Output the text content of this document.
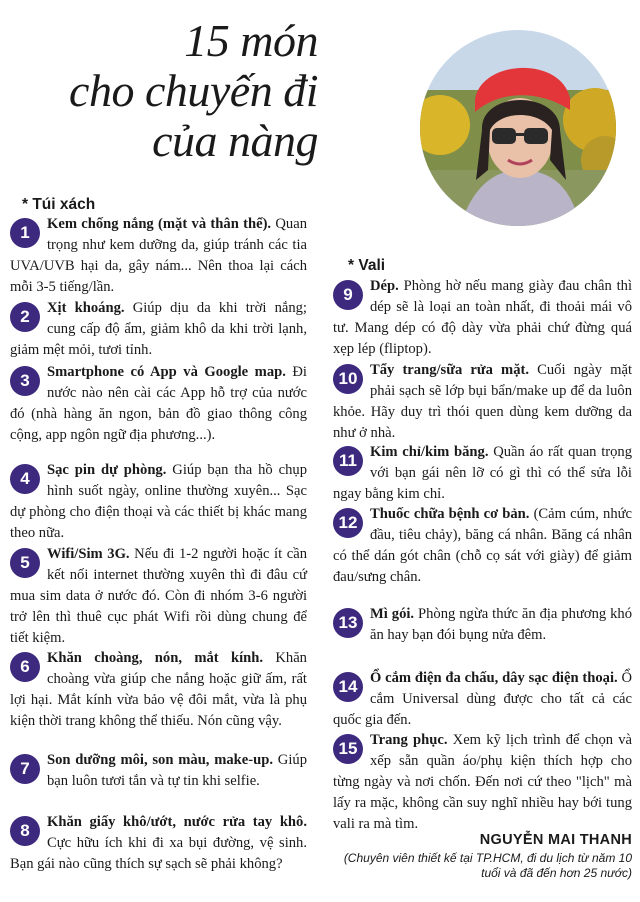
15 món
cho chuyến đi
của nàng
* Túi xách
* Vali
1	Kem chống nắng (mặt và thân thể). Quan trọng như kem dưỡng da, giúp tránh các tia UVA/UVB hại da, gây nám... Nên thoa lại cách mỗi 3-5 tiếng/lần.
2	Xịt khoáng. Giúp dịu da khi trời nắng; cung cấp độ ẩm, giảm khô da khi trời lạnh, giảm mệt mỏi, tươi tỉnh.
3	Smartphone có App và Google map. Đi nước nào nên cài các App hỗ trợ của nước đó (nhà hàng ăn ngon, bản đồ giao thông công cộng, app ngôn ngữ địa phương...).
4	Sạc pin dự phòng. Giúp bạn tha hồ chụp hình suốt ngày, online thường xuyên... Sạc dự phòng cho điện thoại và các thiết bị khác mang theo nữa.
5	Wifi/Sim 3G. Nếu đi 1-2 người hoặc ít cần kết nối internet thường xuyên thì đi đâu cứ mua sim data ở nước đó. Còn đi nhóm 3-6 người trở lên thì thuê cục phát Wifi rồi dùng chung để tiết kiệm.
6	Khăn choàng, nón, mắt kính. Khăn choàng vừa giúp che nắng hoặc giữ ấm, rất lợi hại. Mắt kính vừa bảo vệ đôi mắt, vừa là phụ kiện thời trang không thể thiếu. Nón cũng vậy.
7	Son dưỡng môi, son màu, make-up. Giúp bạn luôn tươi tắn và tự tin khi selfie.
8	Khăn giấy khô/ướt, nước rửa tay khô. Cực hữu ích khi đi xa bụi đường, vệ sinh. Bạn gái nào cũng thích sự sạch sẽ phải không?
9	Dép. Phòng hờ nếu mang giày đau chân thì dép sẽ là loại an toàn nhất, đi thoải mái vô tư. Mang dép có độ dày vừa phải chứ đừng quá xẹp lép (fliptop).
10 Tẩy trang/sữa rửa mặt. Cuối ngày mặt phải sạch sẽ lớp bụi bẩn/make up để da luôn khỏe. Hãy duy trì thói quen dùng kem dưỡng da như ở nhà.
11 Kim chỉ/kim băng. Quần áo rất quan trọng với bạn gái nên lỡ có gì thì có thể sửa lỗi ngay bằng kim chỉ.
12 Thuốc chữa bệnh cơ bản. (Cảm cúm, nhức đầu, tiêu chảy), băng cá nhân. Băng cá nhân có thể dán gót chân (chỗ cọ sát với giày) để giảm đau/sưng chân.
13 Mì gói. Phòng ngừa thức ăn địa phương khó ăn hay bạn đói bụng nửa đêm.
14 Ổ cắm điện đa chấu, dây sạc điện thoại. Ổ cắm Universal dùng được cho tất cả các quốc gia đến.
15 Trang phục. Xem kỹ lịch trình để chọn và xếp sẵn quần áo/phụ kiện thích hợp cho từng ngày và nơi chốn. Đến nơi cứ theo "lịch" mà lấy ra mặc, không cần suy nghĩ nhiều hay bới tung vali ra mà tìm.
NGUYỄN MAI THANH
(Chuyên viên thiết kế tại TP.HCM, đi du lịch từ năm 10 tuổi và đã đến hơn 25 nước)
